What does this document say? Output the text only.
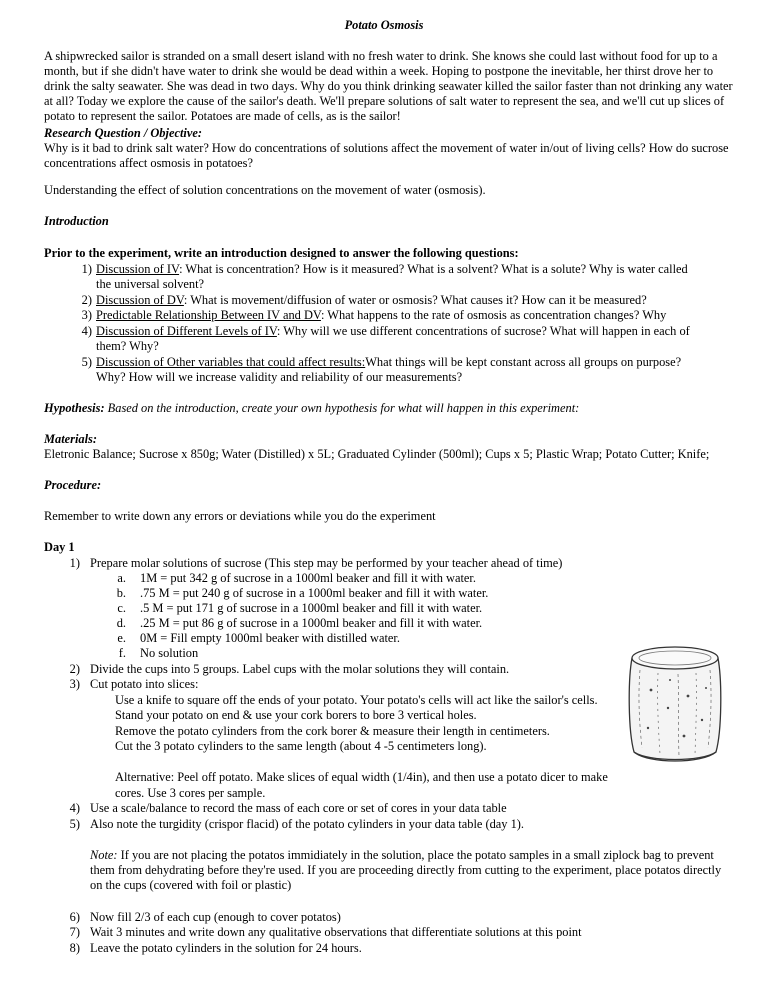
Potato Osmosis
A shipwrecked sailor is stranded on a small desert island with no fresh water to drink. She knows she could last without food for up to a month, but if she didn't have water to drink she would be dead within a week. Hoping to postpone the inevitable, her thirst drove her to drink the salty seawater. She was dead in two days. Why do you think drinking seawater killed the sailor faster than not drinking any water at all? Today we explore the cause of the sailor's death. We'll prepare solutions of salt water to represent the sea, and we'll cut up slices of potato to represent the sailor. Potatoes are made of cells, as is the sailor!
Research Question / Objective:
Why is it bad to drink salt water? How do concentrations of solutions affect the movement of water in/out of living cells? How do sucrose concentrations affect osmosis in potatoes?
Understanding the effect of solution concentrations on the movement of water (osmosis).
Introduction
Prior to the experiment, write an introduction designed to answer the following questions:
1) Discussion of IV: What is concentration? How is it measured? What is a solvent? What is a solute? Why is water called
the universal solvent?
2) Discussion of DV: What is movement/diffusion of water or osmosis? What causes it? How can it be measured?
3) Predictable Relationship Between IV and DV: What happens to the rate of osmosis as concentration changes? Why
4) Discussion of Different Levels of IV: Why will we use different concentrations of sucrose? What will happen in each of
them? Why?
5) Discussion of Other variables that could affect results:What things will be kept constant across all groups on purpose?
Why? How will we increase validity and reliability of our measurements?
Hypothesis: Based on the introduction, create your own hypothesis for what will happen in this experiment:
Materials:
Eletronic Balance; Sucrose x 850g; Water (Distilled) x 5L; Graduated Cylinder (500ml); Cups x 5; Plastic Wrap; Potato Cutter; Knife;
Procedure:
Remember to write down any errors or deviations while you do the experiment
Day 1
1) Prepare molar solutions of sucrose (This step may be performed by your teacher ahead of time)
a. 1M = put 342 g of sucrose in a 1000ml beaker and fill it with water.
b. .75 M = put 240 g of sucrose in a 1000ml beaker and fill it with water.
c. .5 M = put 171 g of sucrose in a 1000ml beaker and fill it with water.
d. .25 M = put 86 g of sucrose in a 1000ml beaker and fill it with water.
e. 0M = Fill empty 1000ml beaker with distilled water.
f. No solution
2) Divide the cups into 5 groups. Label cups with the molar solutions they will contain.
3) Cut potato into slices:
Use a knife to square off the ends of your potato. Your potato's cells will act like the sailor's cells.
Stand your potato on end & use your cork borers to bore 3 vertical holes.
Remove the potato cylinders from the cork borer & measure their length in centimeters.
Cut the 3 potato cylinders to the same length (about 4 -5 centimeters long).
Alternative: Peel off potato. Make slices of equal width (1/4in), and then use a potato dicer to make
cores. Use 3 cores per sample.
4) Use a scale/balance to record the mass of each core or set of cores in your data table
5) Also note the turgidity (crispor flacid) of the potato cylinders in your data table (day 1).
Note: If you are not placing the potatos immidiately in the solution, place the potato samples in a small ziplock bag to prevent them from dehydrating before they're used. If you are proceeding directly from cutting to the experiment, place potatos directly on the cups (covered with foil or plastic)
6) Now fill 2/3 of each cup (enough to cover potatos)
7) Wait 3 minutes and write down any qualitative observations that differentiate solutions at this point
8) Leave the potato cylinders in the solution for 24 hours.
